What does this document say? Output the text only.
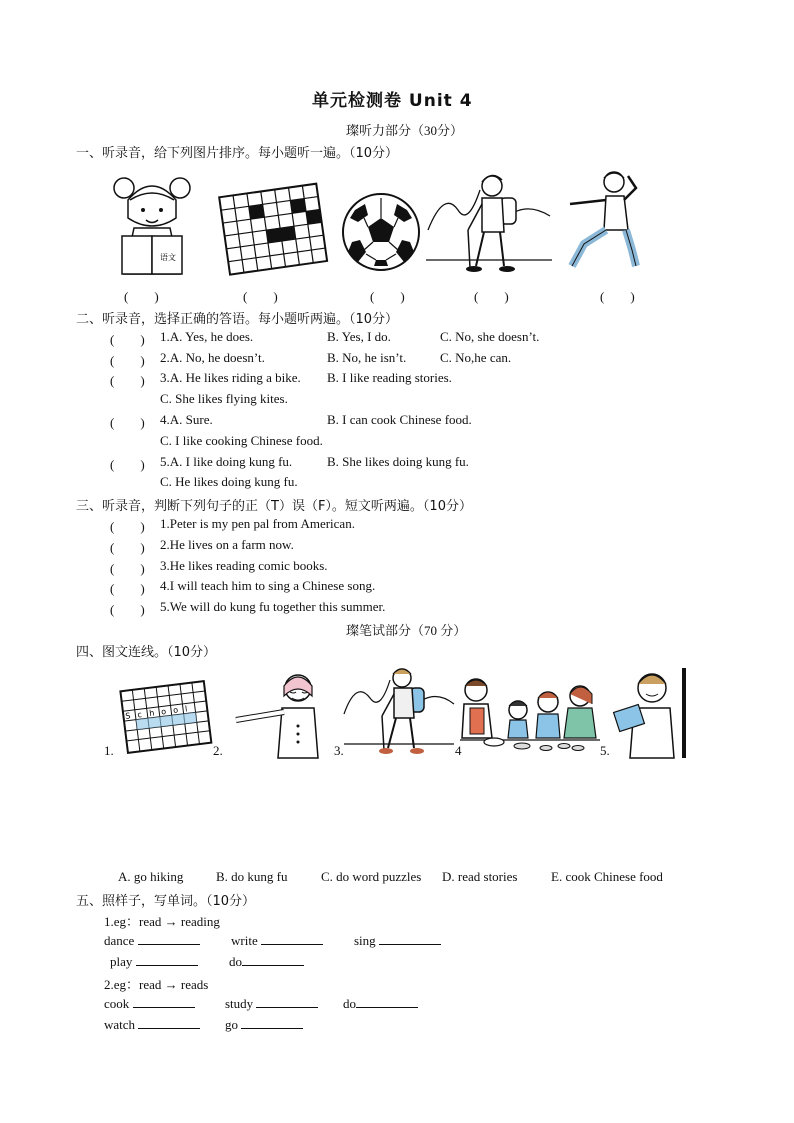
单元检测卷 Unit 4
璨听力部分（30分）
一、听录音，给下列图片排序。每小题听一遍。（10分）
语文
(　　)	(　　)	(　　)	(　　)	(　　)
二、听录音，选择正确的答语。每小题听两遍。（10分）
(　　) 1.A. Yes, he does.	B. Yes, I do.	C. No, she doesn’t.
(　　) 2.A. No, he doesn’t.	B. No, he isn’t.	C. No,he can.
(　　) 3.A. He likes riding a bike. B. I like reading stories.
C. She likes flying kites.
(　　) 4.A. Sure.	B. I can cook Chinese food.
C. I like cooking Chinese food.
(　　) 5.A. I like doing kung fu.	B. She likes doing kung fu.
C. He likes doing kung fu.
三、听录音，判断下列句子的正（T）误（F）。短文听两遍。（10分）
(　　) 1.Peter is my pen pal from American.
(　　) 2.He lives on a farm now.
(　　) 3.He likes reading comic books.
(　　) 4.I will teach him to sing a Chinese song.
(　　) 5.We will do kung fu together this summer.
璨笔试部分（70 分）
四、图文连线。（10分）
S c h o o l
1.	2.	3.	4	5.
A. go hiking	B. do kung fu	C. do word puzzles D. read stories	E. cook Chinese food
五、照样子，写单词。（10分）
1.eg：read → reading
dance	write	sing
play	do
2.eg：read → reads
cook	study	do
watch	go
